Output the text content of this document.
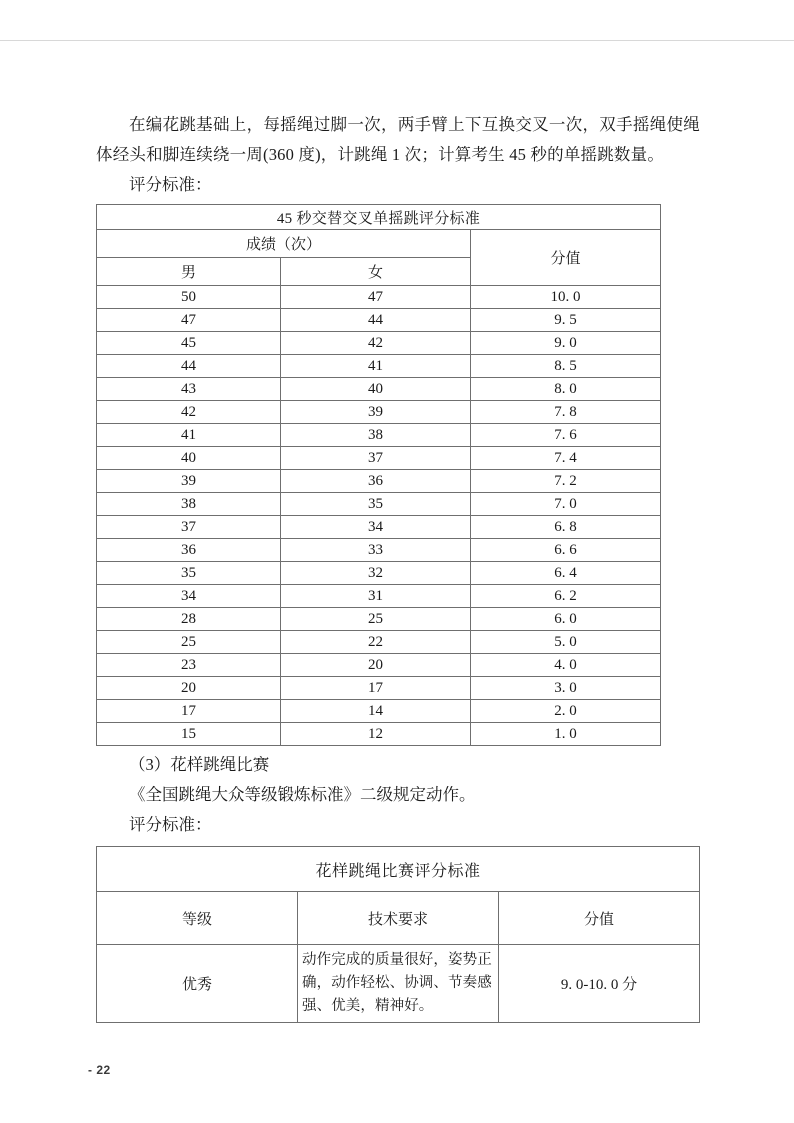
在编花跳基础上，每摇绳过脚一次，两手臂上下互换交叉一次，双手摇绳使绳体经头和脚连续绕一周(360 度)，计跳绳 1 次；计算考生 45 秒的单摇跳数量。

评分标准：

45 秒交替交叉单摇跳评分标准		
成绩（次）		分值
男	女	
50	47	10. 0
47	44	9. 5
45	42	9. 0
44	41	8. 5
43	40	8. 0
42	39	7. 8
41	38	7. 6
40	37	7. 4
39	36	7. 2
38	35	7. 0
37	34	6. 8
36	33	6. 6
35	32	6. 4
34	31	6. 2
28	25	6. 0
25	22	5. 0
23	20	4. 0
20	17	3. 0
17	14	2. 0
15	12	1. 0

（3）花样跳绳比赛

《全国跳绳大众等级锻炼标准》二级规定动作。

评分标准：

花样跳绳比赛评分标准		
等级	技术要求	分值
优秀	动作完成的质量很好，姿势正确，动作轻松、协调、节奏感强、优美，精神好。	9. 0-10. 0 分
- 22
